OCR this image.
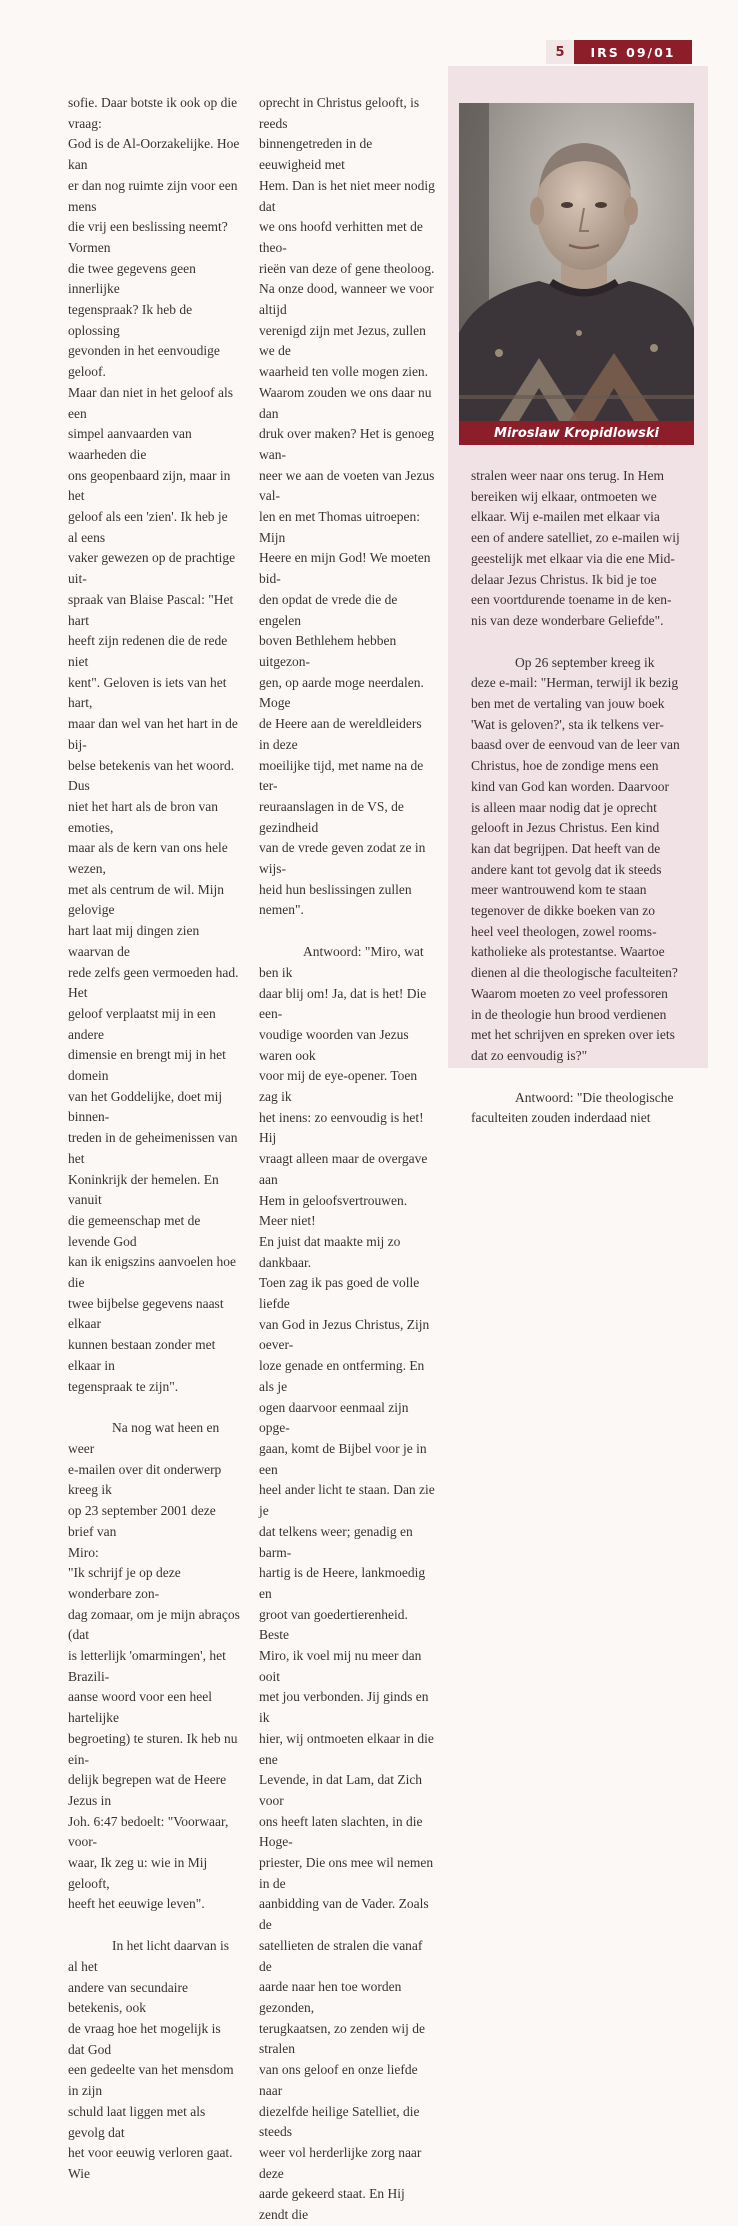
5	IRS 09/01

sofie. Daar botste ik ook op die vraag:
God is de Al-Oorzakelijke. Hoe kan
er dan nog ruimte zijn voor een mens
die vrij een beslissing neemt? Vormen
die twee gegevens geen innerlijke
tegenspraak? Ik heb de oplossing
gevonden in het eenvoudige geloof.
Maar dan niet in het geloof als een
simpel aanvaarden van waarheden die
ons geopenbaard zijn, maar in het
geloof als een 'zien'. Ik heb je al eens
vaker gewezen op de prachtige uit-
spraak van Blaise Pascal: "Het hart
heeft zijn redenen die de rede niet
kent". Geloven is iets van het hart,
maar dan wel van het hart in de bij-
belse betekenis van het woord. Dus
niet het hart als de bron van emoties,
maar als de kern van ons hele wezen,
met als centrum de wil. Mijn gelovige
hart laat mij dingen zien waarvan de
rede zelfs geen vermoeden had. Het
geloof verplaatst mij in een andere
dimensie en brengt mij in het domein
van het Goddelijke, doet mij binnen-
treden in de geheimenissen van het
Koninkrijk der hemelen. En vanuit
die gemeenschap met de levende God
kan ik enigszins aanvoelen hoe die
twee bijbelse gegevens naast elkaar
kunnen bestaan zonder met elkaar in
tegenspraak te zijn".

Na nog wat heen en weer
e-mailen over dit onderwerp kreeg ik
op 23 september 2001 deze brief van
Miro:

"Ik schrijf je op deze wonderbare zon-
dag zomaar, om je mijn abraços (dat
is letterlijk 'omarmingen', het Brazili-
aanse woord voor een heel hartelijke
begroeting) te sturen. Ik heb nu ein-
delijk begrepen wat de Heere Jezus in
Joh. 6:47 bedoelt: "Voorwaar, voor-
waar, Ik zeg u: wie in Mij gelooft,
heeft het eeuwige leven".

In het licht daarvan is al het
andere van secundaire betekenis, ook
de vraag hoe het mogelijk is dat God
een gedeelte van het mensdom in zijn
schuld laat liggen met als gevolg dat
het voor eeuwig verloren gaat. Wie

oprecht in Christus gelooft, is reeds
binnengetreden in de eeuwigheid met
Hem. Dan is het niet meer nodig dat
we ons hoofd verhitten met de theo-
rieën van deze of gene theoloog.
Na onze dood, wanneer we voor altijd
verenigd zijn met Jezus, zullen we de
waarheid ten volle mogen zien.
Waarom zouden we ons daar nu dan
druk over maken? Het is genoeg wan-
neer we aan de voeten van Jezus val-
len en met Thomas uitroepen: Mijn
Heere en mijn God! We moeten bid-
den opdat de vrede die de engelen
boven Bethlehem hebben uitgezon-
gen, op aarde moge neerdalen. Moge
de Heere aan de wereldleiders in deze
moeilijke tijd, met name na de ter-
reuraanslagen in de VS, de gezindheid
van de vrede geven zodat ze in wijs-
heid hun beslissingen zullen nemen".

Antwoord: "Miro, wat ben ik
daar blij om! Ja, dat is het! Die een-
voudige woorden van Jezus waren ook
voor mij de eye-opener. Toen zag ik
het inens: zo eenvoudig is het! Hij
vraagt alleen maar de overgave aan
Hem in geloofsvertrouwen. Meer niet!
En juist dat maakte mij zo dankbaar.
Toen zag ik pas goed de volle liefde
van God in Jezus Christus, Zijn oever-
loze genade en ontferming. En als je
ogen daarvoor eenmaal zijn opge-
gaan, komt de Bijbel voor je in een
heel ander licht te staan. Dan zie je
dat telkens weer; genadig en barm-
hartig is de Heere, lankmoedig en
groot van goedertierenheid. Beste
Miro, ik voel mij nu meer dan ooit
met jou verbonden. Jij ginds en ik
hier, wij ontmoeten elkaar in die ene
Levende, in dat Lam, dat Zich voor
ons heeft laten slachten, in die Hoge-
priester, Die ons mee wil nemen in de
aanbidding van de Vader. Zoals de
satellieten de stralen die vanaf de
aarde naar hen toe worden gezonden,
terugkaatsen, zo zenden wij de stralen
van ons geloof en onze liefde naar
diezelfde heilige Satelliet, die steeds
weer vol herderlijke zorg naar deze
aarde gekeerd staat. En Hij zendt die

stralen weer naar ons terug. In Hem
bereiken wij elkaar, ontmoeten we
elkaar. Wij e-mailen met elkaar via
een of andere satelliet, zo e-mailen wij
geestelijk met elkaar via die ene Mid-
delaar Jezus Christus. Ik bid je toe
een voortdurende toename in de ken-
nis van deze wonderbare Geliefde".

Op 26 september kreeg ik
deze e-mail: "Herman, terwijl ik bezig
ben met de vertaling van jouw boek
'Wat is geloven?', sta ik telkens ver-
baasd over de eenvoud van de leer van
Christus, hoe de zondige mens een
kind van God kan worden. Daarvoor
is alleen maar nodig dat je oprecht
gelooft in Jezus Christus. Een kind
kan dat begrijpen. Dat heeft van de
andere kant tot gevolg dat ik steeds
meer wantrouwend kom te staan
tegenover de dikke boeken van zo
heel veel theologen, zowel rooms-
katholieke als protestantse. Waartoe
dienen al die theologische faculteiten?
Waarom moeten zo veel professoren
in de theologie hun brood verdienen
met het schrijven en spreken over iets
dat zo eenvoudig is?"

Antwoord: "Die theologische
faculteiten zouden inderdaad niet

Miroslaw Kropidlowski
